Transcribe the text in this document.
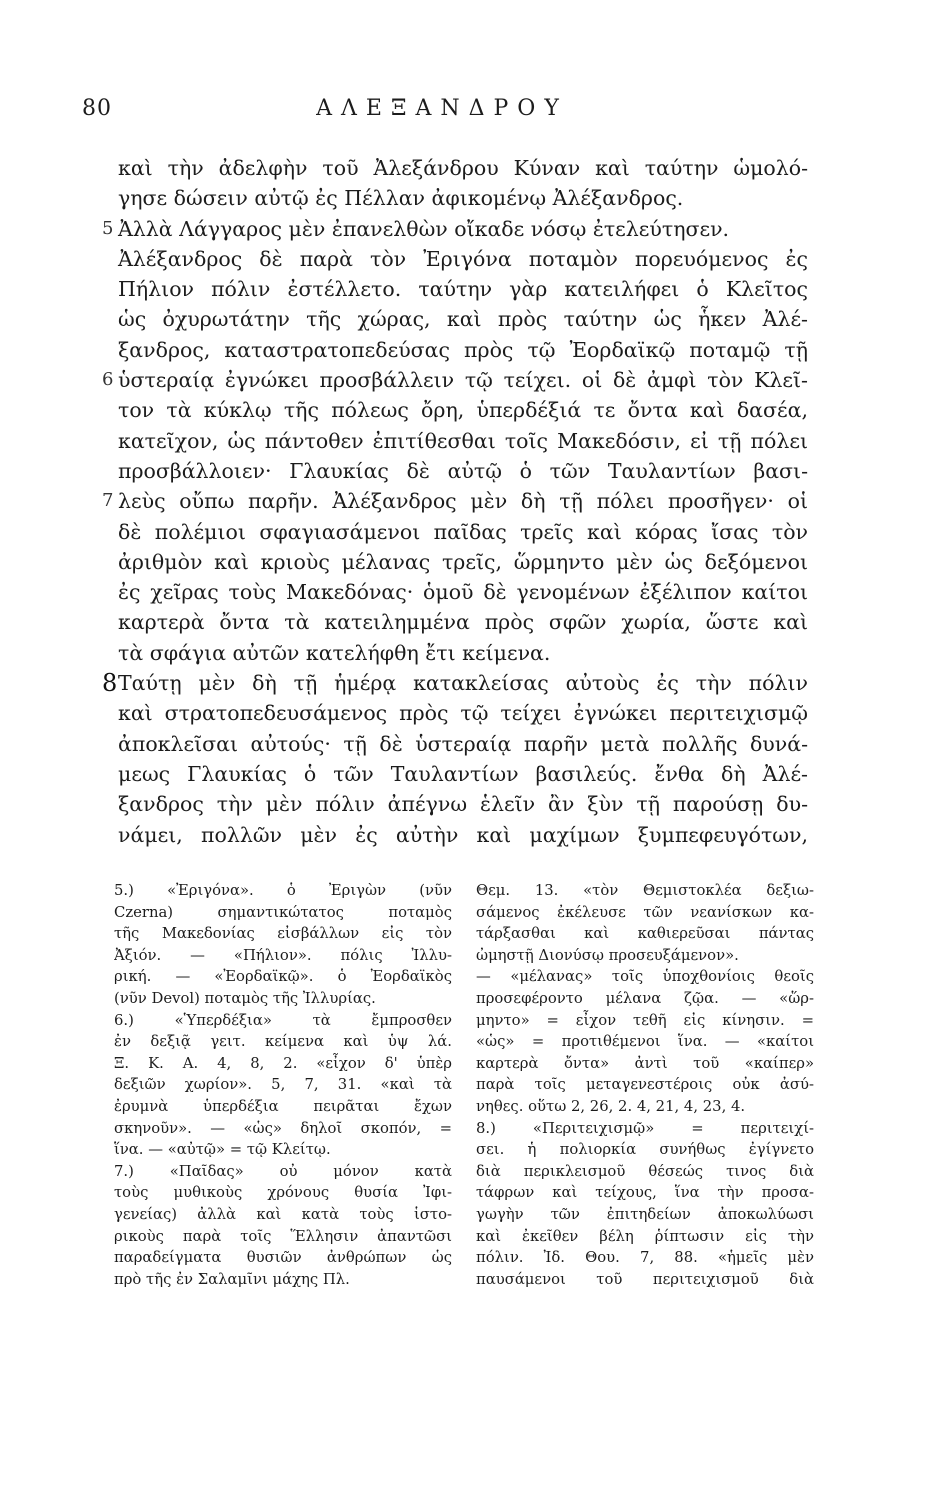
80	ΑΛΕΞΑΝΔΡΟΥ
καὶ τὴν ἀδελφὴν τοῦ Ἀλεξάνδρου Κύναν καὶ ταύτην ὡμολό-
γησε δώσειν αὐτῷ ἐς Πέλλαν ἀφικομένῳ Ἀλέξανδρος.
5 Ἀλλὰ Λάγγαρος μὲν ἐπανελθὼν οἴκαδε νόσῳ ἐτελεύτησεν.
Ἀλέξανδρος δὲ παρὰ τὸν Ἐριγόνα ποταμὸν πορευόμενος ἐς
Πήλιον πόλιν ἐστέλλετο. ταύτην γὰρ κατειλήφει ὁ Κλεῖτος
ὡς ὀχυρωτάτην τῆς χώρας, καὶ πρὸς ταύτην ὡς ἧκεν Ἀλέ-
ξανδρος, καταστρατοπεδεύσας πρὸς τῷ Ἐορδαϊκῷ ποταμῷ τῇ
6 ὑστεραίᾳ ἐγνώκει προσβάλλειν τῷ τείχει. οἱ δὲ ἀμφὶ τὸν Κλεῖ-
τον τὰ κύκλῳ τῆς πόλεως ὄρη, ὑπερδέξιά τε ὄντα καὶ δασέα,
κατεῖχον, ὡς πάντοθεν ἐπιτίθεσθαι τοῖς Μακεδόσιν, εἰ τῇ πόλει
προσβάλλοιεν· Γλαυκίας δὲ αὐτῷ ὁ τῶν Ταυλαντίων βασι-
7 λεὺς οὔπω παρῆν. Ἀλέξανδρος μὲν δὴ τῇ πόλει προσῆγεν· οἱ
δὲ πολέμιοι σφαγιασάμενοι παῖδας τρεῖς καὶ κόρας ἴσας τὸν
ἀριθμὸν καὶ κριοὺς μέλανας τρεῖς, ὥρμηντο μὲν ὡς δεξόμενοι
ἐς χεῖρας τοὺς Μακεδόνας· ὁμοῦ δὲ γενομένων ἐξέλιπον καίτοι
καρτερὰ ὄντα τὰ κατειλημμένα πρὸς σφῶν χωρία, ὥστε καὶ
τὰ σφάγια αὐτῶν κατελήφθη ἔτι κείμενα.
8 Ταύτῃ μὲν δὴ τῇ ἡμέρᾳ κατακλείσας αὐτοὺς ἐς τὴν πόλιν
καὶ στρατοπεδευσάμενος πρὸς τῷ τείχει ἐγνώκει περιτειχισμῷ
ἀποκλεῖσαι αὐτούς· τῇ δὲ ὑστεραίᾳ παρῆν μετὰ πολλῆς δυνά-
μεως Γλαυκίας ὁ τῶν Ταυλαντίων βασιλεύς. ἔνθα δὴ Ἀλέ-
ξανδρος τὴν μὲν πόλιν ἀπέγνω ἑλεῖν ἂν ξὺν τῇ παρούσῃ δυ-
νάμει, πολλῶν μὲν ἐς αὐτὴν καὶ μαχίμων ξυμπεφευγότων,
5.) «Ἐριγόνα». ὁ Ἐριγὼν (νῦν
Czerna) σημαντικώτατος ποταμὸς
τῆς Μακεδονίας εἰσβάλλων εἰς τὸν
Ἀξιόν. — «Πήλιον». πόλις Ἰλλυ-
ρική. — «Ἐορδαϊκῷ». ὁ Ἐορδαϊκὸς
(νῦν Devol) ποταμὸς τῆς Ἰλλυρίας.
6.) «Ὑπερδέξια» τὰ ἔμπροσθεν
ἐν δεξιᾷ γειτ. κείμενα καὶ ὑψ λά.
Ξ. Κ. Α. 4, 8, 2. «εἶχον δ' ὑπὲρ
δεξιῶν χωρίον». 5, 7, 31. «καὶ τὰ
ἐρυμνὰ ὑπερδέξια πειρᾶται ἔχων
σκηνοῦν». — «ὡς» δηλοῖ σκοπόν, =
ἵνα. — «αὐτῷ» = τῷ Κλείτῳ.
7.) «Παῖδας» οὐ μόνον κατὰ
τοὺς μυθικοὺς χρόνους θυσία Ἰφι-
γενείας) ἀλλὰ καὶ κατὰ τοὺς ἱστο-
ρικοὺς παρὰ τοῖς Ἕλλησιν ἀπαντῶσι
παραδείγματα θυσιῶν ἀνθρώπων ὡς
πρὸ τῆς ἐν Σαλαμῖνι μάχης Πλ.
Θεμ. 13. «τὸν Θεμιστοκλέα δεξιω-
σάμενος ἐκέλευσε τῶν νεανίσκων κα-
τάρξασθαι καὶ καθιερεῦσαι πάντας
ὠμηστῇ Διονύσῳ προσευξάμενον».
— «μέλανας» τοῖς ὑποχθονίοις θεοῖς
προσεφέροντο μέλανα ζῷα. — «ὥρ-
μηντο» = εἶχον τεθῆ εἰς κίνησιν. =
«ὡς» = προτιθέμενοι ἵνα. — «καίτοι
καρτερὰ ὄντα» ἀντὶ τοῦ «καίπερ»
παρὰ τοῖς μεταγενεστέροις οὐκ ἀσύ-
νηθες. οὕτω 2, 26, 2. 4, 21, 4, 23, 4.
8.) «Περιτειχισμῷ» = περιτειχί-
σει. ἡ πολιορκία συνήθως ἐγίγνετο
διὰ περικλεισμοῦ θέσεώς τινος διὰ
τάφρων καὶ τείχους, ἵνα τὴν προσα-
γωγὴν τῶν ἐπιτηδείων ἀποκωλύωσι
καὶ ἐκεῖθεν βέλη ῥίπτωσιν εἰς τὴν
πόλιν. Ἰδ. Θου. 7, 88. «ἡμεῖς μὲν
παυσάμενοι τοῦ περιτειχισμοῦ διὰ
